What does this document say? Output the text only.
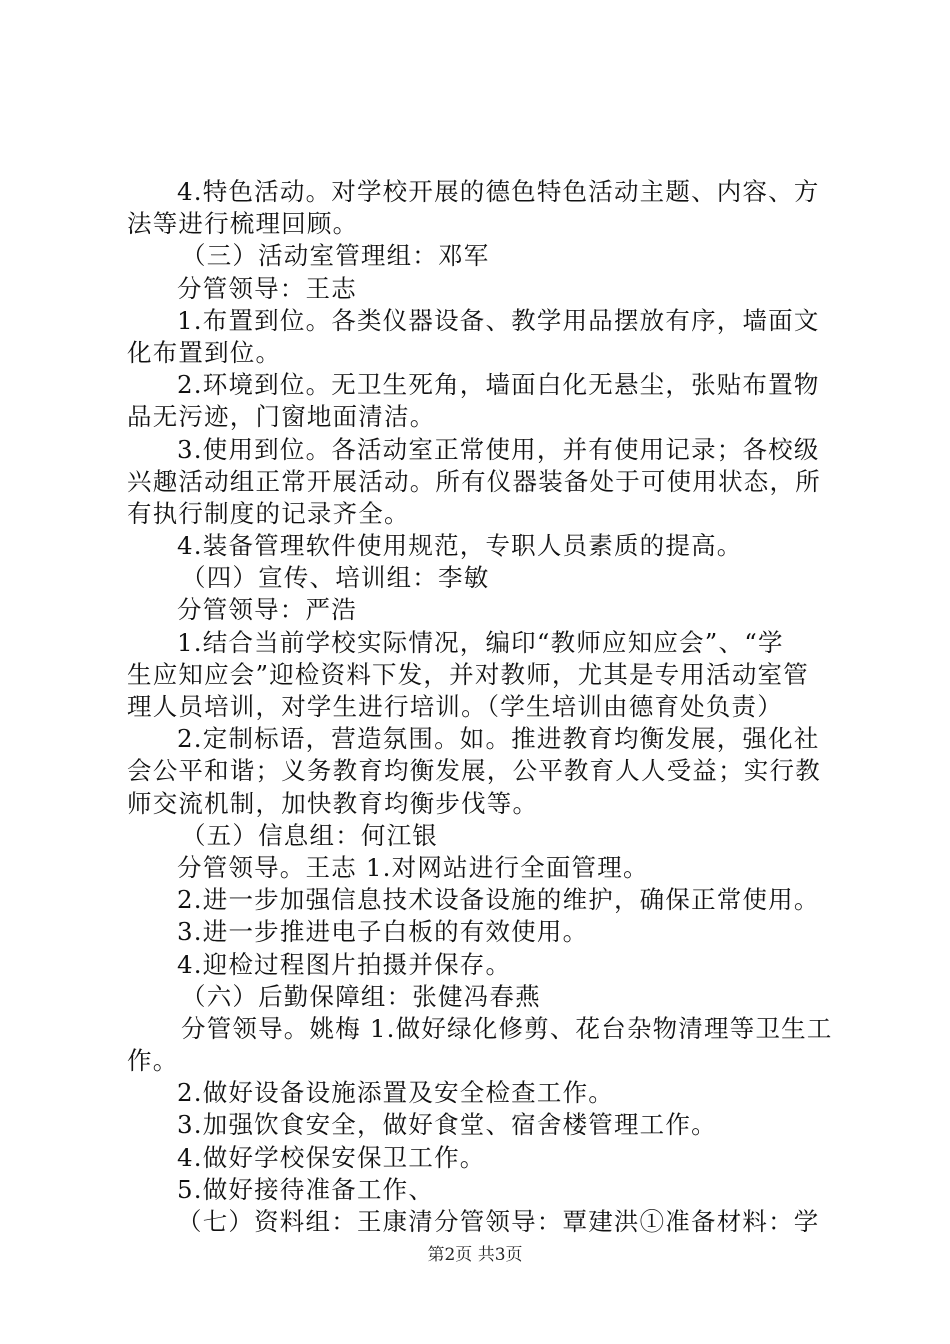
4.特色活动。对学校开展的德色特色活动主题、内容、方
法等进行梳理回顾。
（三）活动室管理组：邓军
分管领导：王志
1.布置到位。各类仪器设备、教学用品摆放有序，墙面文
化布置到位。
2.环境到位。无卫生死角，墙面白化无悬尘，张贴布置物
品无污迹，门窗地面清洁。
3.使用到位。各活动室正常使用，并有使用记录；各校级
兴趣活动组正常开展活动。所有仪器装备处于可使用状态，所
有执行制度的记录齐全。
4.装备管理软件使用规范，专职人员素质的提高。
（四）宣传、培训组：李敏
分管领导：严浩
1.结合当前学校实际情况，编印“教师应知应会”、“学
生应知应会”迎检资料下发，并对教师，尤其是专用活动室管
理人员培训，对学生进行培训。（学生培训由德育处负责）
2.定制标语，营造氛围。如。推进教育均衡发展，强化社
会公平和谐；义务教育均衡发展，公平教育人人受益；实行教
师交流机制，加快教育均衡步伐等。
（五）信息组：何江银
分管领导。王志 1.对网站进行全面管理。
2.进一步加强信息技术设备设施的维护，确保正常使用。
3.进一步推进电子白板的有效使用。
4.迎检过程图片拍摄并保存。
（六）后勤保障组：张健冯春燕
分管领导。姚梅 1.做好绿化修剪、花台杂物清理等卫生工
作。
2.做好设备设施添置及安全检查工作。
3.加强饮食安全，做好食堂、宿舍楼管理工作。
4.做好学校保安保卫工作。
5.做好接待准备工作、
（七）资料组：王康清分管领导：覃建洪①准备材料：学
第2页 共3页
